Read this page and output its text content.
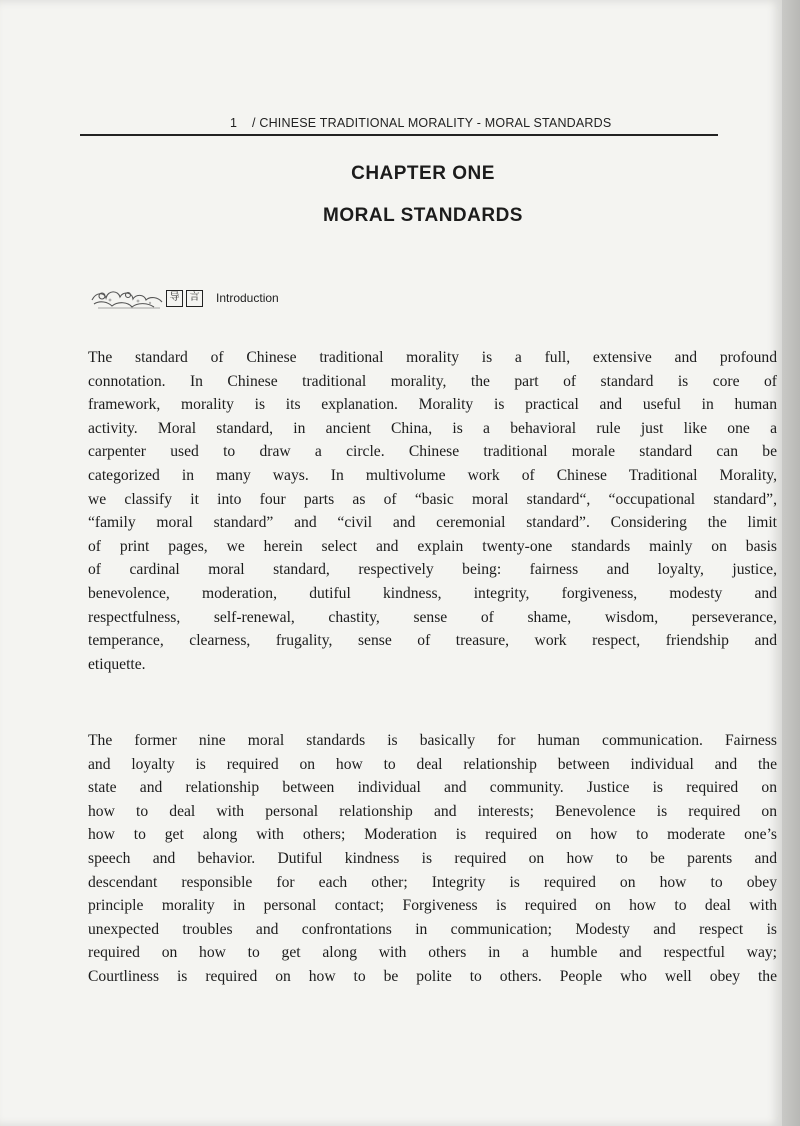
1 / CHINESE TRADITIONAL MORALITY - MORAL STANDARDS
CHAPTER ONE
MORAL STANDARDS
导	言 Introduction
The standard of Chinese traditional morality is a full, extensive and profound
connotation. In Chinese traditional morality, the part of standard is core of
framework, morality is its explanation. Morality is practical and useful in human
activity. Moral standard, in ancient China, is a behavioral rule just like one a
carpenter used to draw a circle. Chinese traditional morale standard can be
categorized in many ways. In multivolume work of Chinese Traditional Morality,
we classify it into four parts as of “basic moral standard“, “occupational standard”,
“family moral standard” and “civil and ceremonial standard”. Considering the limit
of print pages, we herein select and explain twenty-one standards mainly on basis
of cardinal moral standard, respectively being: fairness and loyalty, justice,
benevolence, moderation, dutiful kindness, integrity, forgiveness, modesty and
respectfulness, self-renewal, chastity, sense of shame, wisdom, perseverance,
temperance, clearness, frugality, sense of treasure, work respect, friendship and
etiquette.
The former nine moral standards is basically for human communication. Fairness
and loyalty is required on how to deal relationship between individual and the
state and relationship between individual and community. Justice is required on
how to deal with personal relationship and interests; Benevolence is required on
how to get along with others; Moderation is required on how to moderate one’s
speech and behavior. Dutiful kindness is required on how to be parents and
descendant responsible for each other; Integrity is required on how to obey
principle morality in personal contact; Forgiveness is required on how to deal with
unexpected troubles and confrontations in communication; Modesty and respect is
required on how to get along with others in a humble and respectful way;
Courtliness is required on how to be polite to others. People who well obey the
